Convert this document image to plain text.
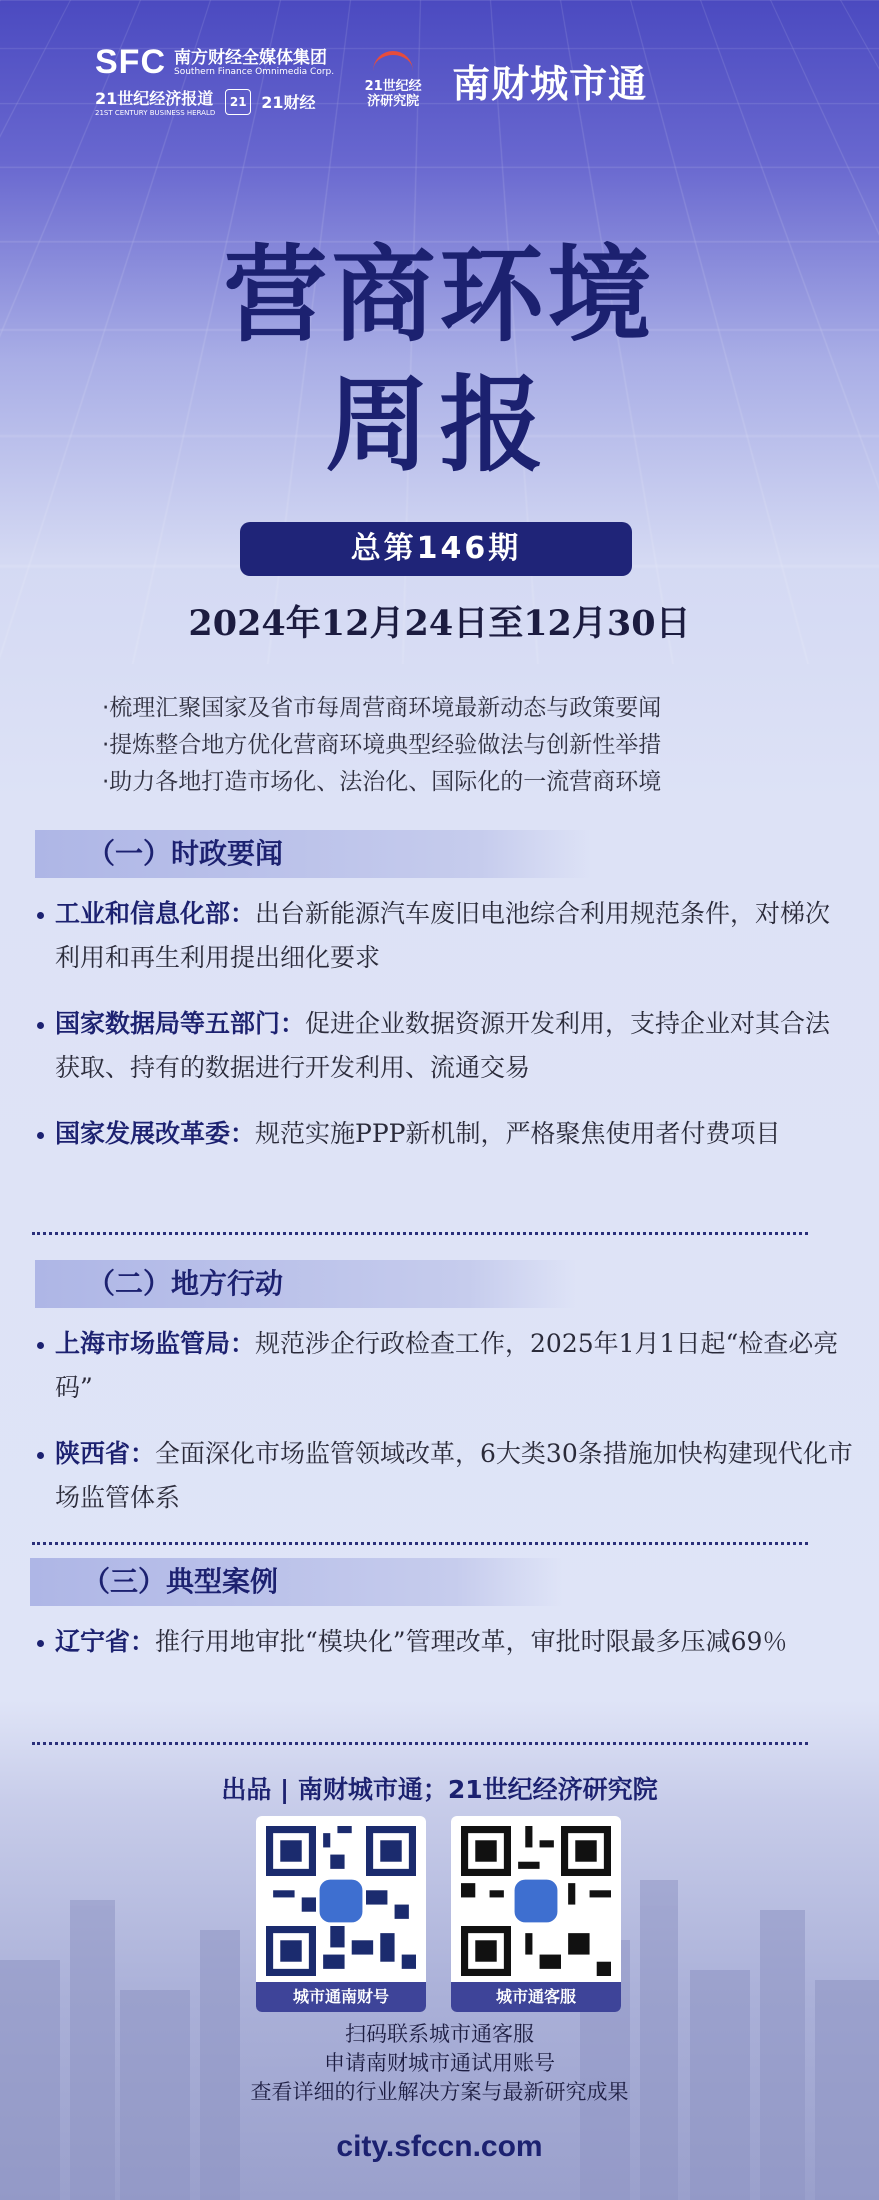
SFC 南方财经全媒体集团
Southern Finance Omnimedia Corp.
21世纪经济报道
21ST CENTURY BUSINESS HERALD
21 21财经
21世纪经济研究院 南财城市通
营商环境
周报
总第146期
2024年12月24日至12月30日
·梳理汇聚国家及省市每周营商环境最新动态与政策要闻
·提炼整合地方优化营商环境典型经验做法与创新性举措
·助力各地打造市场化、法治化、国际化的一流营商环境
（一）时政要闻
工业和信息化部：出台新能源汽车废旧电池综合利用规范条件，对梯次利用和再生利用提出细化要求
国家数据局等五部门：促进企业数据资源开发利用，支持企业对其合法获取、持有的数据进行开发利用、流通交易
国家发展改革委：规范实施PPP新机制，严格聚焦使用者付费项目
（二）地方行动
上海市场监管局：规范涉企行政检查工作，2025年1月1日起“检查必亮码”
陕西省：全面深化市场监管领域改革，6大类30条措施加快构建现代化市场监管体系
（三）典型案例
辽宁省：推行用地审批“模块化”管理改革，审批时限最多压减69％
出品 | 南财城市通；21世纪经济研究院
城市通南财号	城市通客服
扫码联系城市通客服
申请南财城市通试用账号
查看详细的行业解决方案与最新研究成果
city.sfccn.com
